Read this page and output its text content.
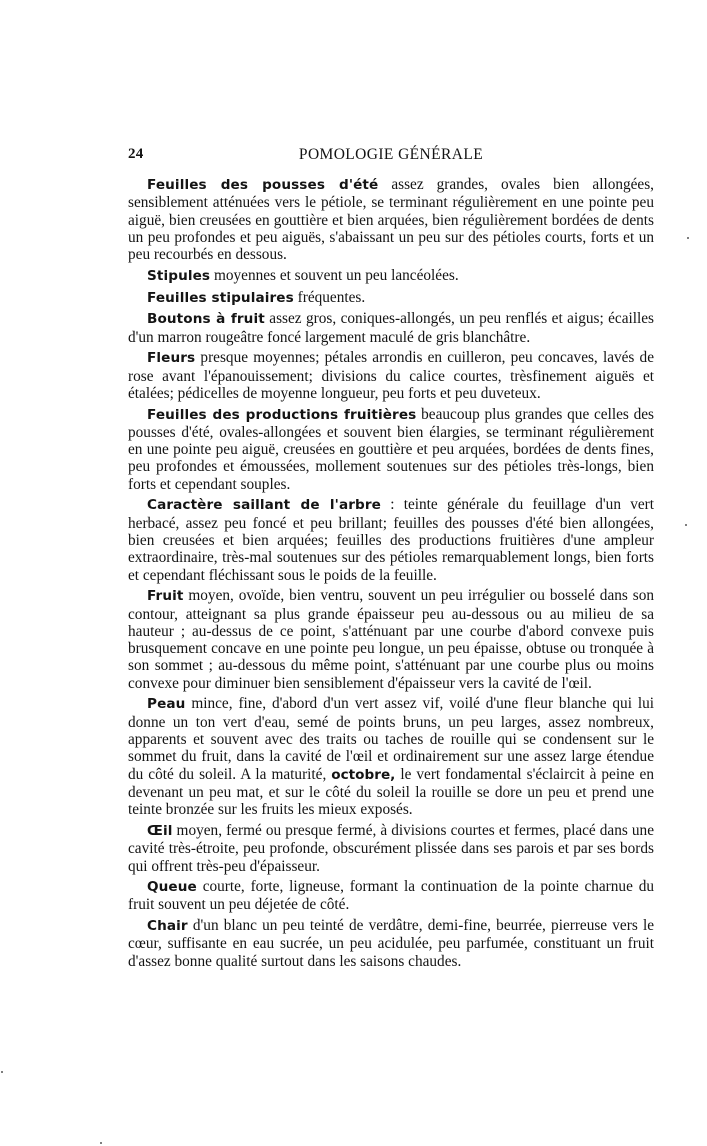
24	POMOLOGIE GÉNÉRALE

Feuilles des pousses d'été assez grandes, ovales bien allongées, sensiblement atténuées vers le pétiole, se terminant régulièrement en une pointe peu aiguë, bien creusées en gouttière et bien arquées, bien régulièrement bordées de dents un peu profondes et peu aiguës, s'abaissant un peu sur des pétioles courts, forts et un peu recourbés en dessous.

Stipules moyennes et souvent un peu lancéolées.

Feuilles stipulaires fréquentes.

Boutons à fruit assez gros, coniques-allongés, un peu renflés et aigus; écailles d'un marron rougeâtre foncé largement maculé de gris blanchâtre.

Fleurs presque moyennes; pétales arrondis en cuilleron, peu concaves, lavés de rose avant l'épanouissement; divisions du calice courtes, trèsfinement aiguës et étalées; pédicelles de moyenne longueur, peu forts et peu duveteux.

Feuilles des productions fruitières beaucoup plus grandes que celles des pousses d'été, ovales-allongées et souvent bien élargies, se terminant régulièrement en une pointe peu aiguë, creusées en gouttière et peu arquées, bordées de dents fines, peu profondes et émoussées, mollement soutenues sur des pétioles très-longs, bien forts et cependant souples.

Caractère saillant de l'arbre : teinte générale du feuillage d'un vert herbacé, assez peu foncé et peu brillant; feuilles des pousses d'été bien allongées, bien creusées et bien arquées; feuilles des productions fruitières d'une ampleur extraordinaire, très-mal soutenues sur des pétioles remarquablement longs, bien forts et cependant fléchissant sous le poids de la feuille.

Fruit moyen, ovoïde, bien ventru, souvent un peu irrégulier ou bosselé dans son contour, atteignant sa plus grande épaisseur peu au-dessous ou au milieu de sa hauteur ; au-dessus de ce point, s'atténuant par une courbe d'abord convexe puis brusquement concave en une pointe peu longue, un peu épaisse, obtuse ou tronquée à son sommet ; au-dessous du même point, s'atténuant par une courbe plus ou moins convexe pour diminuer bien sensiblement d'épaisseur vers la cavité de l'œil.

Peau mince, fine, d'abord d'un vert assez vif, voilé d'une fleur blanche qui lui donne un ton vert d'eau, semé de points bruns, un peu larges, assez nombreux, apparents et souvent avec des traits ou taches de rouille qui se condensent sur le sommet du fruit, dans la cavité de l'œil et ordinairement sur une assez large étendue du côté du soleil. A la maturité, octobre, le vert fondamental s'éclaircit à peine en devenant un peu mat, et sur le côté du soleil la rouille se dore un peu et prend une teinte bronzée sur les fruits les mieux exposés.

Œil moyen, fermé ou presque fermé, à divisions courtes et fermes, placé dans une cavité très-étroite, peu profonde, obscurément plissée dans ses parois et par ses bords qui offrent très-peu d'épaisseur.

Queue courte, forte, ligneuse, formant la continuation de la pointe charnue du fruit souvent un peu déjetée de côté.

Chair d'un blanc un peu teinté de verdâtre, demi-fine, beurrée, pierreuse vers le cœur, suffisante en eau sucrée, un peu acidulée, peu parfumée, constituant un fruit d'assez bonne qualité surtout dans les saisons chaudes.
